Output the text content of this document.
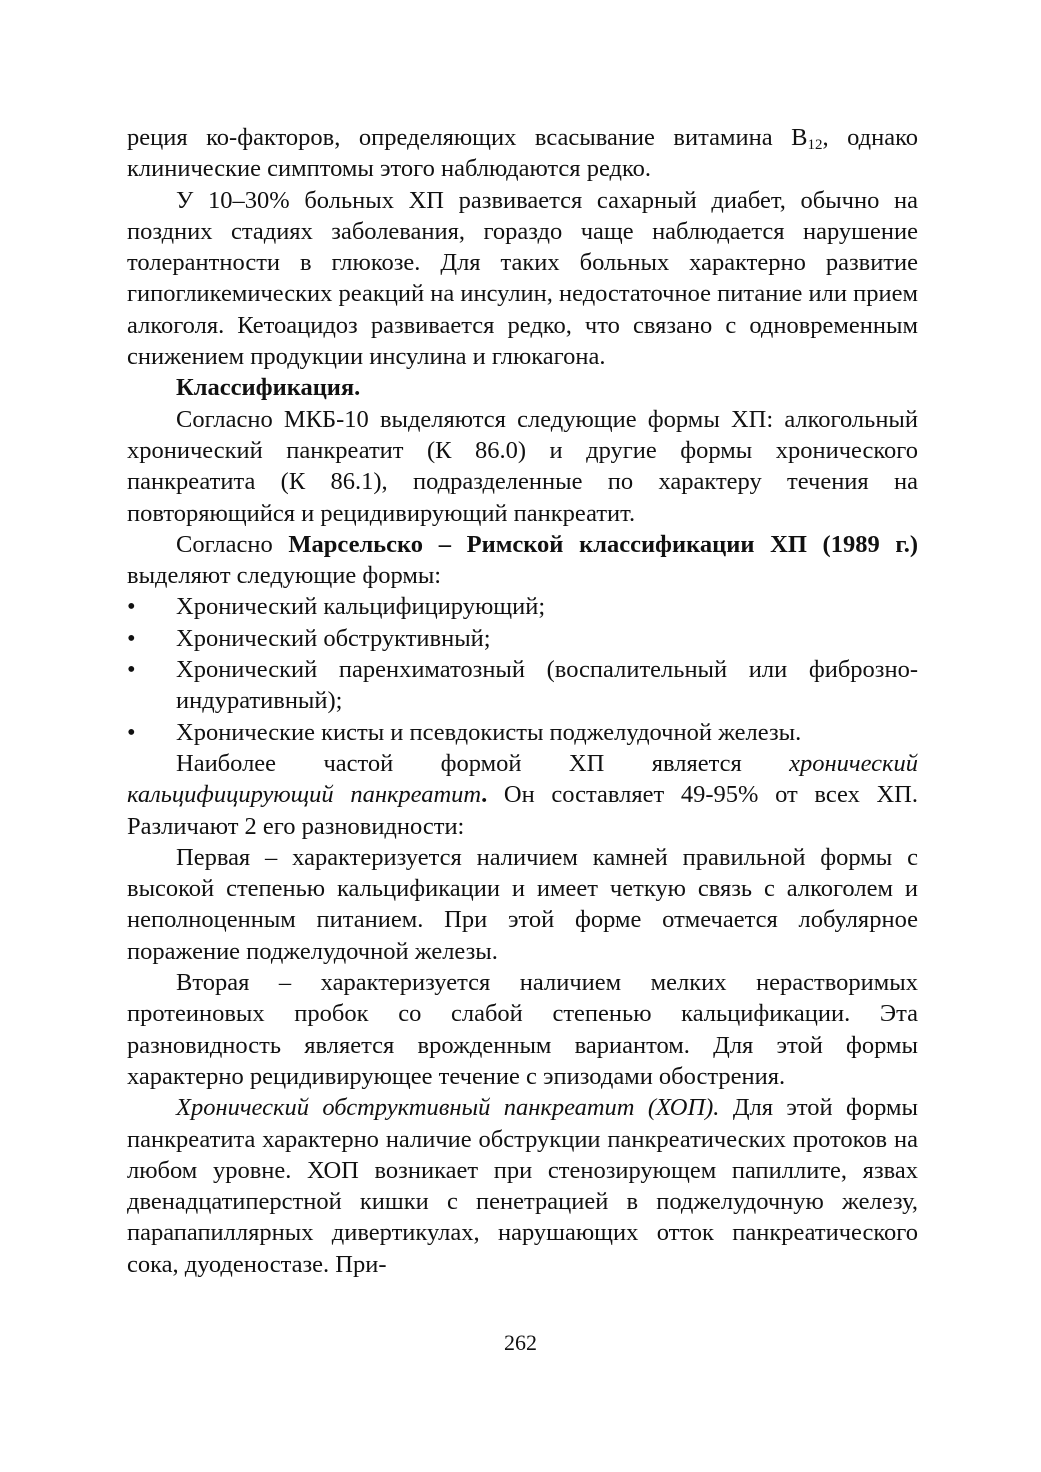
реция ко-факторов, определяющих всасывание витамина $B_{12}$, однако клинические симптомы этого наблюдаются редко.

У 10–30% больных ХП развивается сахарный диабет, обычно на поздних стадиях заболевания, гораздо чаще наблюдается нарушение толерантности в глюкозе. Для таких больных характерно развитие гипогликемических реакций на инсулин, недостаточное питание или прием алкоголя. Кетоацидоз развивается редко, что связано с одновременным снижением продукции инсулина и глюкагона.

Классификация.

Согласно МКБ-10 выделяются следующие формы ХП: алкогольный хронический панкреатит (К 86.0) и другие формы хронического панкреатита (К 86.1), подразделенные по характеру течения на повторяющийся и рецидивирующий панкреатит.

Согласно Марсельско – Римской классификации ХП (1989 г.) выделяют следующие формы:

• Хронический кальцифицирующий;
• Хронический обструктивный;
• Хронический паренхиматозный (воспалительный или фиброзно-индуративный);
• Хронические кисты и псевдокисты поджелудочной железы.

Наиболее частой формой ХП является хронический кальцифицирующий панкреатит. Он составляет 49-95% от всех ХП. Различают 2 его разновидности:

Первая – характеризуется наличием камней правильной формы с высокой степенью кальцификации и имеет четкую связь с алкоголем и неполноценным питанием. При этой форме отмечается лобулярное поражение поджелудочной железы.

Вторая – характеризуется наличием мелких нерастворимых протеиновых пробок со слабой степенью кальцификации. Эта разновидность является врожденным вариантом. Для этой формы характерно рецидивирующее течение с эпизодами обострения.

Хронический обструктивный панкреатит (ХОП). Для этой формы панкреатита характерно наличие обструкции панкреатических протоков на любом уровне. ХОП возникает при стенозирующем папиллите, язвах двенадцатиперстной кишки с пенетрацией в поджелудочную железу, парапапиллярных дивертикулах, нарушающих отток панкреатического сока, дуоденостазе. При-

262
